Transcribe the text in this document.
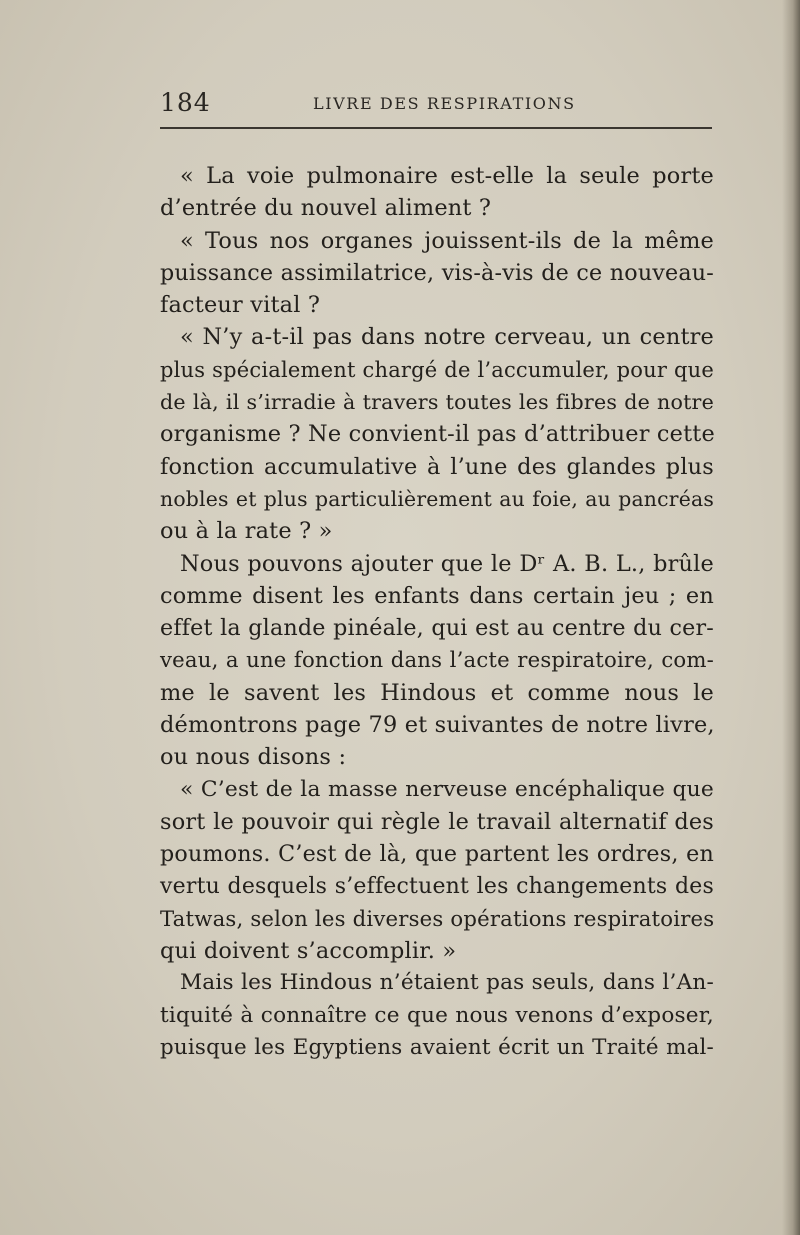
184	LIVRE DES RESPIRATIONS
« La voie pulmonaire est-elle la seule porte
d’entrée du nouvel aliment ?
« Tous nos organes jouissent-ils de la même
puissance assimilatrice, vis-à-vis de ce nouveau-
facteur vital ?
« N’y a-t-il pas dans notre cerveau, un centre
plus spécialement chargé de l’accumuler, pour que
de là, il s’irradie à travers toutes les fibres de notre
organisme ? Ne convient-il pas d’attribuer cette
fonction accumulative à l’une des glandes plus
nobles et plus particulièrement au foie, au pancréas
ou à la rate ? »
Nous pouvons ajouter que le Dʳ A. B. L., brûle
comme disent les enfants dans certain jeu ; en
effet la glande pinéale, qui est au centre du cer-
veau, a une fonction dans l’acte respiratoire, com-
me le savent les Hindous et comme nous le
démontrons page 79 et suivantes de notre livre,
ou nous disons :
« C’est de la masse nerveuse encéphalique que
sort le pouvoir qui règle le travail alternatif des
poumons. C’est de là, que partent les ordres, en
vertu desquels s’effectuent les changements des
Tatwas, selon les diverses opérations respiratoires
qui doivent s’accomplir. »
Mais les Hindous n’étaient pas seuls, dans l’An-
tiquité à connaître ce que nous venons d’exposer,
puisque les Egyptiens avaient écrit un Traité mal-
